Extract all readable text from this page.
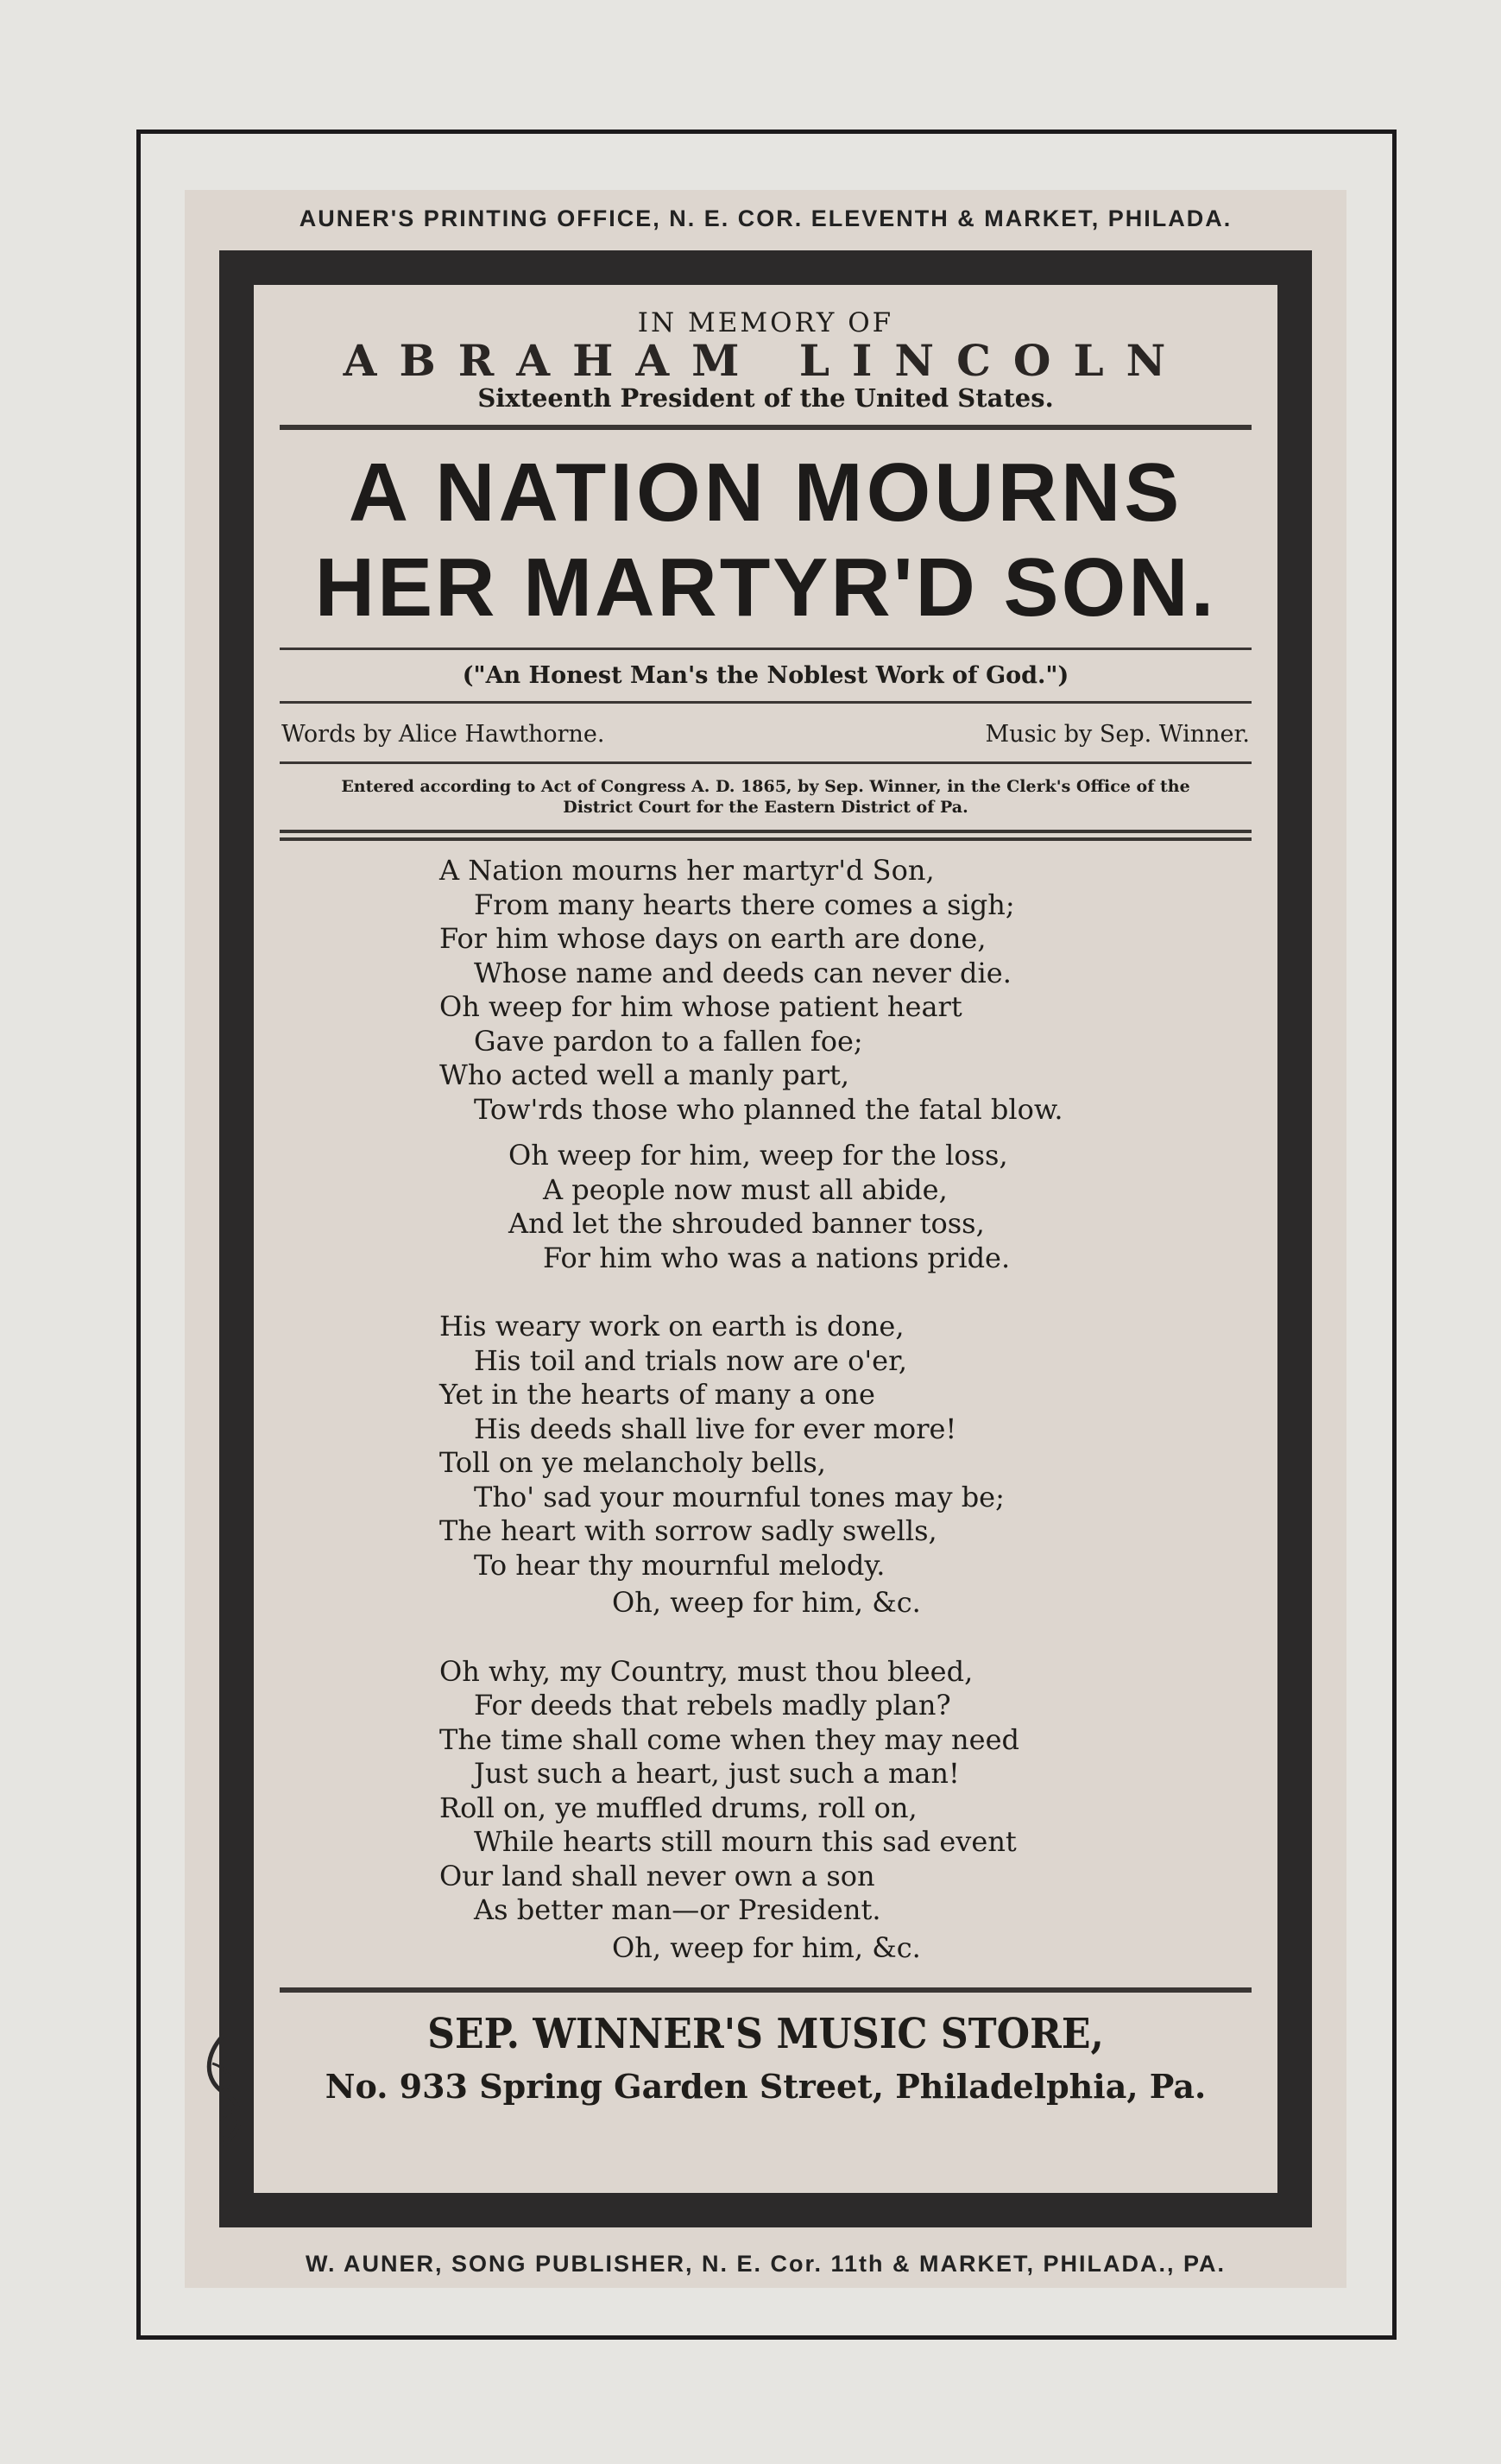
AUNER'S PRINTING OFFICE, N. E. COR. ELEVENTH & MARKET, PHILADA.
IN MEMORY OF
ABRAHAM LINCOLN
Sixteenth President of the United States.
A NATION MOURNS
HER MARTYR'D SON.
("An Honest Man's the Noblest Work of God.")
Words by Alice Hawthorne.	Music by Sep. Winner.
Entered according to Act of Congress A. D. 1865, by Sep. Winner, in the Clerk's Office of the
District Court for the Eastern District of Pa.
A Nation mourns her martyr'd Son,
From many hearts there comes a sigh;
For him whose days on earth are done,
Whose name and deeds can never die.
Oh weep for him whose patient heart
Gave pardon to a fallen foe;
Who acted well a manly part,
Tow'rds those who planned the fatal blow.
Oh weep for him, weep for the loss,
A people now must all abide,
And let the shrouded banner toss,
For him who was a nations pride.
His weary work on earth is done,
His toil and trials now are o'er,
Yet in the hearts of many a one
His deeds shall live for ever more!
Toll on ye melancholy bells,
Tho' sad your mournful tones may be;
The heart with sorrow sadly swells,
To hear thy mournful melody.
Oh, weep for him, &c.
Oh why, my Country, must thou bleed,
For deeds that rebels madly plan?
The time shall come when they may need
Just such a heart, just such a man!
Roll on, ye muffled drums, roll on,
While hearts still mourn this sad event
Our land shall never own a son
As better man—or President.
Oh, weep for him, &c.
SEP. WINNER'S MUSIC STORE,
No. 933 Spring Garden Street, Philadelphia, Pa.
W. AUNER, SONG PUBLISHER, N. E. Cor. 11th & MARKET, PHILADA., PA.
